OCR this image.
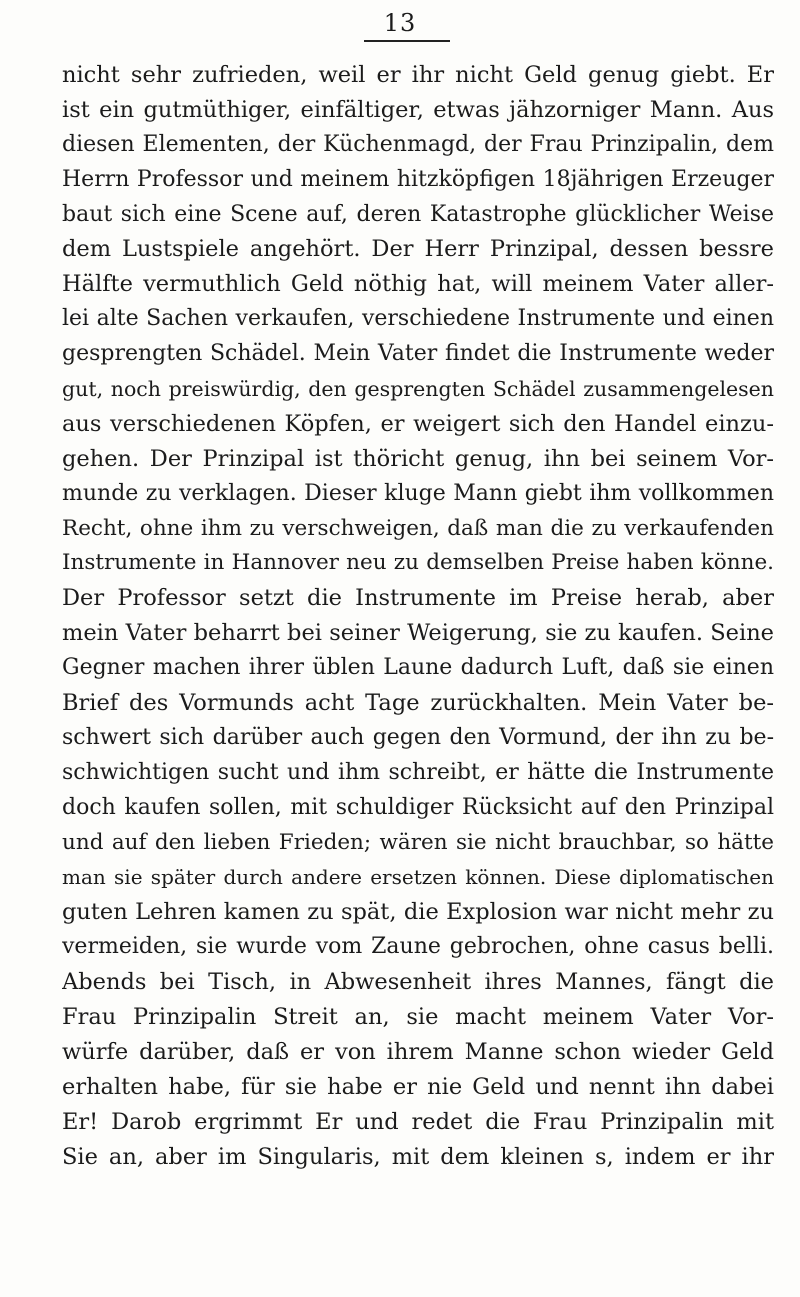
13
nicht sehr zufrieden, weil er ihr nicht Geld genug giebt. Er
ist ein gutmüthiger, einfältiger, etwas jähzorniger Mann. Aus
diesen Elementen, der Küchenmagd, der Frau Prinzipalin, dem
Herrn Professor und meinem hitzköpfigen 18jährigen Erzeuger
baut sich eine Scene auf, deren Katastrophe glücklicher Weise
dem Lustspiele angehört. Der Herr Prinzipal, dessen bessre
Hälfte vermuthlich Geld nöthig hat, will meinem Vater aller-
lei alte Sachen verkaufen, verschiedene Instrumente und einen
gesprengten Schädel. Mein Vater findet die Instrumente weder
gut, noch preiswürdig, den gesprengten Schädel zusammengelesen
aus verschiedenen Köpfen, er weigert sich den Handel einzu-
gehen. Der Prinzipal ist thöricht genug, ihn bei seinem Vor-
munde zu verklagen. Dieser kluge Mann giebt ihm vollkommen
Recht, ohne ihm zu verschweigen, daß man die zu verkaufenden
Instrumente in Hannover neu zu demselben Preise haben könne.
Der Professor setzt die Instrumente im Preise herab, aber
mein Vater beharrt bei seiner Weigerung, sie zu kaufen. Seine
Gegner machen ihrer üblen Laune dadurch Luft, daß sie einen
Brief des Vormunds acht Tage zurückhalten. Mein Vater be-
schwert sich darüber auch gegen den Vormund, der ihn zu be-
schwichtigen sucht und ihm schreibt, er hätte die Instrumente
doch kaufen sollen, mit schuldiger Rücksicht auf den Prinzipal
und auf den lieben Frieden; wären sie nicht brauchbar, so hätte
man sie später durch andere ersetzen können. Diese diplomatischen
guten Lehren kamen zu spät, die Explosion war nicht mehr zu
vermeiden, sie wurde vom Zaune gebrochen, ohne casus belli.
Abends bei Tisch, in Abwesenheit ihres Mannes, fängt die
Frau Prinzipalin Streit an, sie macht meinem Vater Vor-
würfe darüber, daß er von ihrem Manne schon wieder Geld
erhalten habe, für sie habe er nie Geld und nennt ihn dabei
Er! Darob ergrimmt Er und redet die Frau Prinzipalin mit
Sie an, aber im Singularis, mit dem kleinen s, indem er ihr
